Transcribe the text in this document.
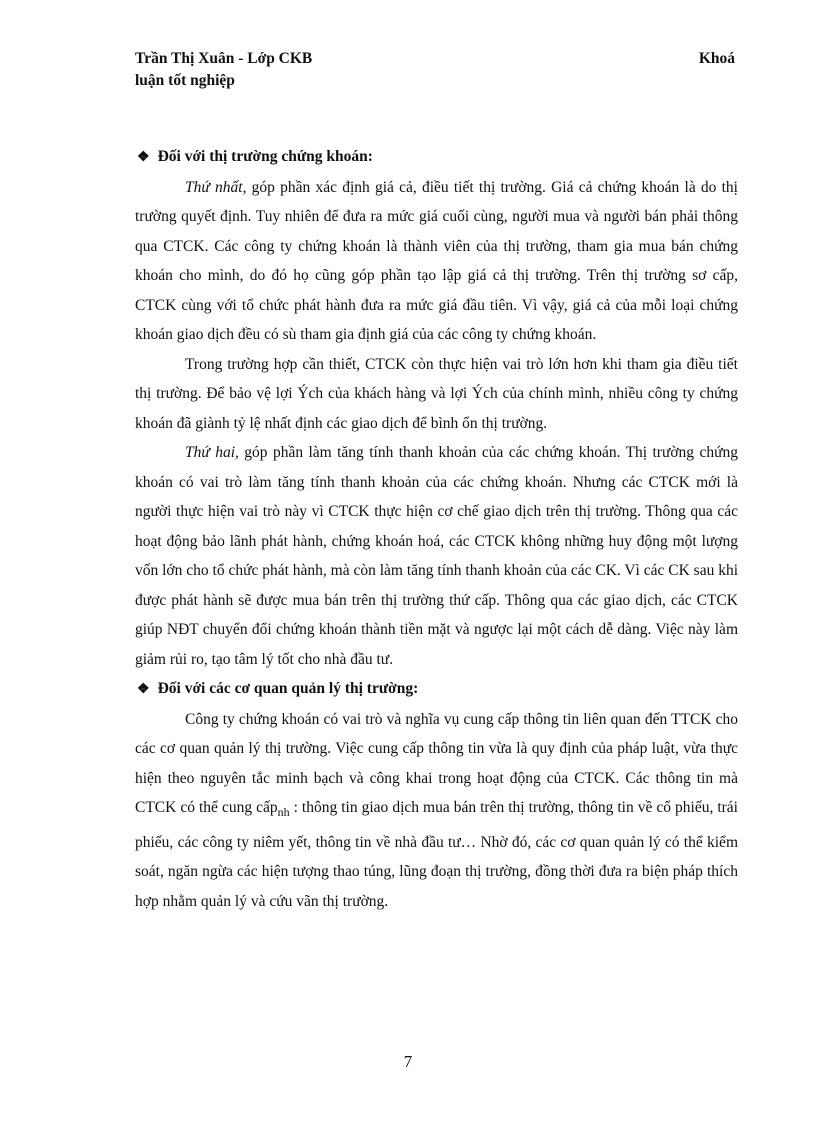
Trần Thị Xuân - Lớp CKB
luận tốt nghiệp
Khoá
❖ Đối với thị trường chứng khoán:

Thứ nhất, góp phần xác định giá cả, điều tiết thị trường. Giá cả chứng khoán là do thị trường quyết định. Tuy nhiên để đưa ra mức giá cuối cùng, người mua và người bán phải thông qua CTCK. Các công ty chứng khoán là thành viên của thị trường, tham gia mua bán chứng khoán cho mình, do đó họ cũng góp phần tạo lập giá cả thị trường. Trên thị trường sơ cấp, CTCK cùng với tổ chức phát hành đưa ra mức giá đầu tiên. Vì vậy, giá cả của mỗi loại chứng khoán giao dịch đều có sù tham gia định giá của các công ty chứng khoán.

Trong trường hợp cần thiết, CTCK còn thực hiện vai trò lớn hơn khi tham gia điều tiết thị trường. Để bảo vệ lợi Ých của khách hàng và lợi Ých của chính mình, nhiều công ty chứng khoán đã giành tỷ lệ nhất định các giao dịch để bình ổn thị trường.

Thứ hai, góp phần làm tăng tính thanh khoản của các chứng khoán. Thị trường chứng khoán có vai trò làm tăng tính thanh khoản của các chứng khoán. Nhưng các CTCK mới là người thực hiện vai trò này vì CTCK thực hiện cơ chế giao dịch trên thị trường. Thông qua các hoạt động bảo lãnh phát hành, chứng khoán hoá, các CTCK không những huy động một lượng vốn lớn cho tổ chức phát hành, mà còn làm tăng tính thanh khoản của các CK. Vì các CK sau khi được phát hành sẽ được mua bán trên thị trường thứ cấp. Thông qua các giao dịch, các CTCK giúp NĐT chuyển đổi chứng khoán thành tiền mặt và ngược lại một cách dễ dàng. Việc này làm giảm rủi ro, tạo tâm lý tốt cho nhà đầu tư.

❖ Đối với các cơ quan quản lý thị trường:

Công ty chứng khoán có vai trò và nghĩa vụ cung cấp thông tin liên quan đến TTCK cho các cơ quan quản lý thị trường. Việc cung cấp thông tin vừa là quy định của pháp luật, vừa thực hiện theo nguyên tắc minh bạch và công khai trong hoạt động của CTCK. Các thông tin mà CTCK có thể cung cấp$_{nh}$ : thông tin giao dịch mua bán trên thị trường, thông tin về cổ phiếu, trái phiếu, các công ty niêm yết, thông tin về nhà đầu tư… Nhờ đó, các cơ quan quản lý có thể kiểm soát, ngăn ngừa các hiện tượng thao túng, lũng đoạn thị trường, đồng thời đưa ra biện pháp thích hợp nhằm quản lý và cứu vãn thị trường.

7
